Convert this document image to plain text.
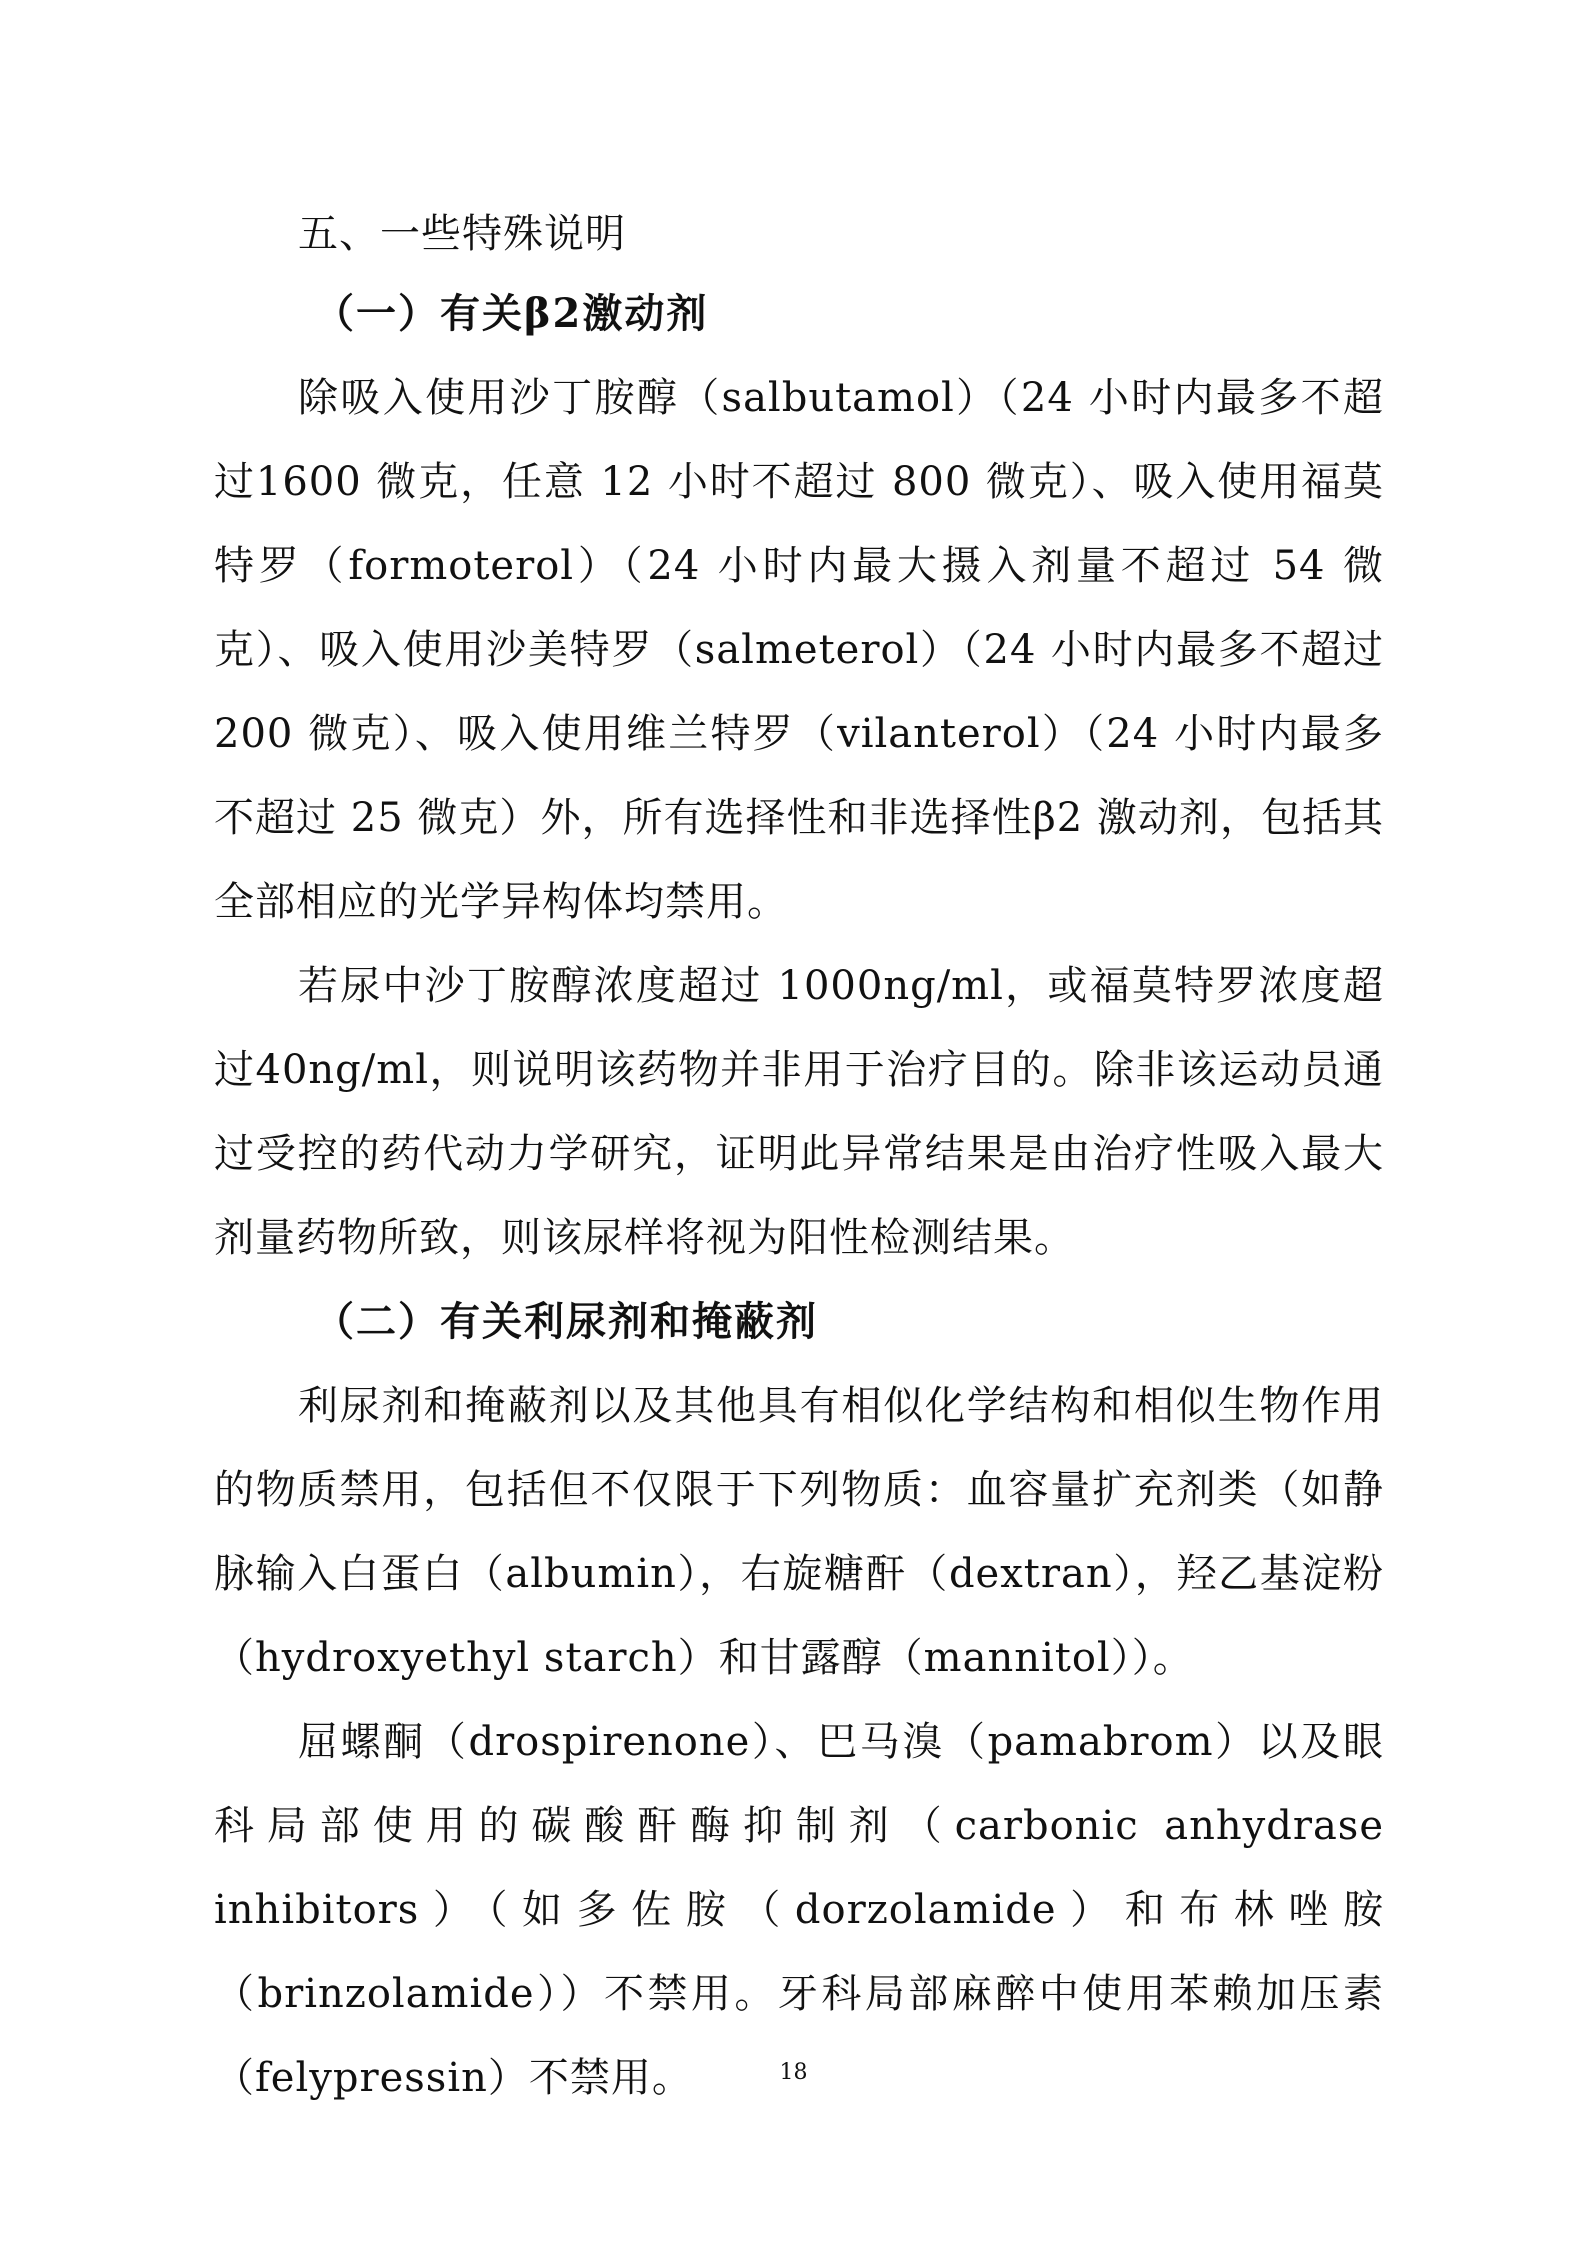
五、一些特殊说明
（一）有关β2激动剂

除吸入使用沙丁胺醇（salbutamol）（24 小时内最多不超过1600 微克，任意 12 小时不超过 800 微克）、吸入使用福莫特罗（formoterol）（24 小时内最大摄入剂量不超过 54 微克）、吸入使用沙美特罗（salmeterol）（24 小时内最多不超过 200 微克）、吸入使用维兰特罗（vilanterol）（24 小时内最多不超过 25 微克）外，所有选择性和非选择性β2 激动剂，包括其全部相应的光学异构体均禁用。

若尿中沙丁胺醇浓度超过 1000ng/ml，或福莫特罗浓度超过40ng/ml，则说明该药物并非用于治疗目的。除非该运动员通过受控的药代动力学研究，证明此异常结果是由治疗性吸入最大剂量药物所致，则该尿样将视为阳性检测结果。

（二）有关利尿剂和掩蔽剂

利尿剂和掩蔽剂以及其他具有相似化学结构和相似生物作用的物质禁用，包括但不仅限于下列物质：血容量扩充剂类（如静脉输入白蛋白（albumin），右旋糖酐（dextran），羟乙基淀粉（hydroxyethyl starch）和甘露醇（mannitol））。

屈螺酮（drospirenone）、巴马溴（pamabrom）以及眼科局部使用的碳酸酐酶抑制剂（carbonic anhydrase inhibitors）（如多佐胺（dorzolamide）和布林唑胺（brinzolamide））不禁用。牙科局部麻醉中使用苯赖加压素（felypressin）不禁用。	18
